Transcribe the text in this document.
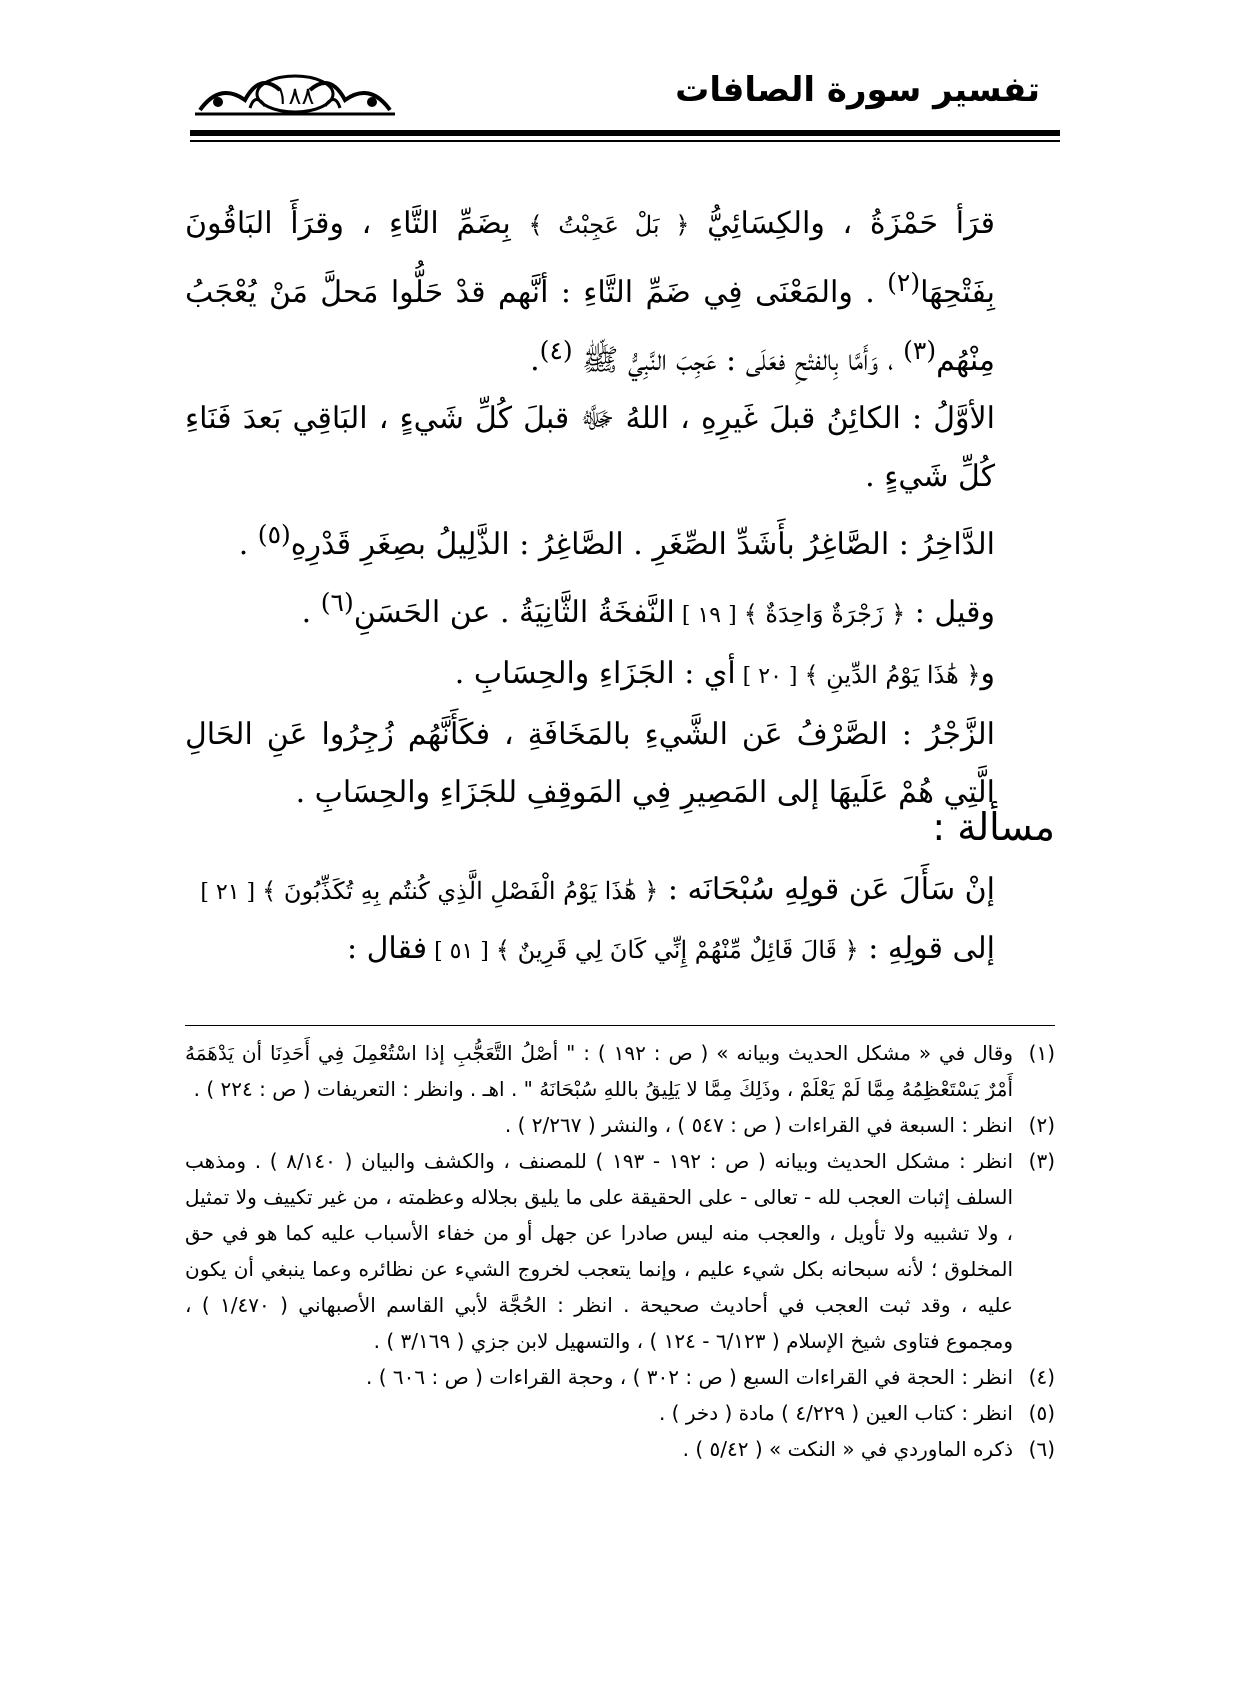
تفسير سورة الصافات
١٨٨

قرَأ حَمْزَةُ ، والكِسَائِيُّ ﴿ بَلْ عَجِبْتُ ﴾ بِضَمِّ التَّاءِ ، وقرَأَ البَاقُونَ بِفَتْحِهَا$^{(٢)}$ . والمَعْنَى فِي ضَمِّ التَّاءِ : أنَّهم قدْ حَلُّوا مَحلَّ مَنْ يُعْجَبُ مِنْهُم$^{(٣)}$ ، وَأَمَّا بِالفتْحِ فعَلَى : عَجِبَ النَّبِيُّ ﷺ $^{(٤)}$.

الأوَّلُ : الكائِنُ قبلَ غَيرِهِ ، اللهُ ﷻ قبلَ كُلِّ شَيءٍ ، البَاقِي بَعدَ فَنَاءِ كُلِّ شَيءٍ .

الدَّاخِرُ : الصَّاغِرُ بأَشَدِّ الصِّغَرِ . الصَّاغِرُ : الذَّلِيلُ بصِغَرِ قَدْرِهِ$^{(٥)}$ .

وقيل : ﴿ زَجْرَةٌ وَاحِدَةٌ ﴾ [ ١٩ ] النَّفخَةُ الثَّانِيَةُ . عن الحَسَنِ$^{(٦)}$ .

و﴿ هَٰذَا يَوْمُ الدِّينِ ﴾ [ ٢٠ ] أي : الجَزَاءِ والحِسَابِ .

الزَّجْرُ : الصَّرْفُ عَن الشَّيءِ بالمَخَافَةِ ، فكَأَنَّهُم زُجِرُوا عَنِ الحَالِ الَّتِي هُمْ عَلَيهَا إلى المَصِيرِ فِي المَوقِفِ للجَزَاءِ والحِسَابِ .

مسألة :

إنْ سَأَلَ عَن قولِهِ سُبْحَانَه : ﴿ هَٰذَا يَوْمُ الْفَصْلِ الَّذِي كُنتُم بِهِ تُكَذِّبُونَ ﴾ [ ٢١ ] إلى قولِهِ : ﴿ قَالَ قَائِلٌ مِّنْهُمْ إِنِّي كَانَ لِي قَرِينٌ ﴾ [ ٥١ ] فقال :

(١)
وقال في « مشكل الحديث وبيانه » ( ص : ١٩٢ ) : " أصْلُ التَّعَجُّبِ إذا اسْتُعْمِلَ فِي أَحَدِنَا أن يَدْهَمَهُ أَمْرٌ يَسْتَعْظِمُهُ مِمَّا لَمْ يَعْلَمْ ، وذَلِكَ مِمَّا لا يَلِيقُ باللهِ سُبْحَانَهُ " . اهـ . وانظر : التعريفات ( ص : ٢٢٤ ) .
(٢)
انظر : السبعة في القراءات ( ص : ٥٤٧ ) ، والنشر ( ٢/٢٦٧ ) .
(٣)
انظر : مشكل الحديث وبيانه ( ص : ١٩٢ - ١٩٣ ) للمصنف ، والكشف والبيان ( ٨/١٤٠ ) . ومذهب السلف إثبات العجب لله - تعالى - على الحقيقة على ما يليق بجلاله وعظمته ، من غير تكييف ولا تمثيل ، ولا تشبيه ولا تأويل ، والعجب منه ليس صادرا عن جهل أو من خفاء الأسباب عليه كما هو في حق المخلوق ؛ لأنه سبحانه بكل شيء عليم ، وإنما يتعجب لخروج الشيء عن نظائره وعما ينبغي أن يكون عليه ، وقد ثبت العجب في أحاديث صحيحة . انظر : الحُجَّة لأبي القاسم الأصبهاني ( ١/٤٧٠ ) ، ومجموع فتاوى شيخ الإسلام ( ٦/١٢٣ - ١٢٤ ) ، والتسهيل لابن جزي ( ٣/١٦٩ ) .
(٤)
انظر : الحجة في القراءات السبع ( ص : ٣٠٢ ) ، وحجة القراءات ( ص : ٦٠٦ ) .
(٥)
انظر : كتاب العين ( ٤/٢٢٩ ) مادة ( دخر ) .
(٦)
ذكره الماوردي في « النكت » ( ٥/٤٢ ) .
